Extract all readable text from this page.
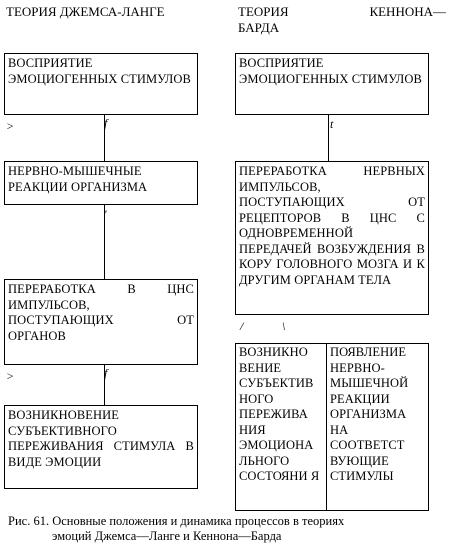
ТЕОРИЯ ДЖЕМСА-ЛАНГЕ	ТЕОРИЯ	КЕННОНА—
БАРДА
ВОСПРИЯТИЕ ЭМОЦИОГЕННЫХ СТИМУЛОВ
>	f
НЕРВНО-МЫШЕЧНЫЕ РЕАКЦИИ ОРГАНИЗМА
'
ПЕРЕРАБОТКА В ЦНС ИМПУЛЬСОВ, ПОСТУПАЮЩИХ ОТ ОРГАНОВ
>	f
ВОЗНИКНОВЕНИЕ СУБЪЕКТИВНОГО ПЕРЕЖИВАНИЯ СТИМУЛА В ВИДЕ ЭМОЦИИ
ВОСПРИЯТИЕ ЭМОЦИОГЕННЫХ СТИМУЛОВ
t
ПЕРЕРАБОТКА НЕРВНЫХ ИМПУЛЬСОВ, ПОСТУПАЮЩИХ ОТ РЕЦЕПТОРОВ В ЦНС С ОДНОВРЕМЕННОЙ ПЕРЕДАЧЕЙ ВОЗБУЖДЕНИЯ В КОРУ ГОЛОВНОГО МОЗГА И К ДРУГИМ ОРГАНАМ ТЕЛА
/	\
ВОЗНИКНО ВЕНИЕ СУБЪЕКТИВ НОГО ПЕРЕЖИВА НИЯ ЭМОЦИОНА ЛЬНОГО СОСТОЯНИ Я
ПОЯВЛЕНИЕ НЕРВНО-МЫШЕЧНОЙ РЕАКЦИИ ОРГАНИЗМА НА СООТВЕТСТ ВУЮЩИЕ СТИМУЛЫ
Рис. 61. Основные положения и динамика процессов в теориях
эмоций Джемса—Ланге и Кеннона—Барда
